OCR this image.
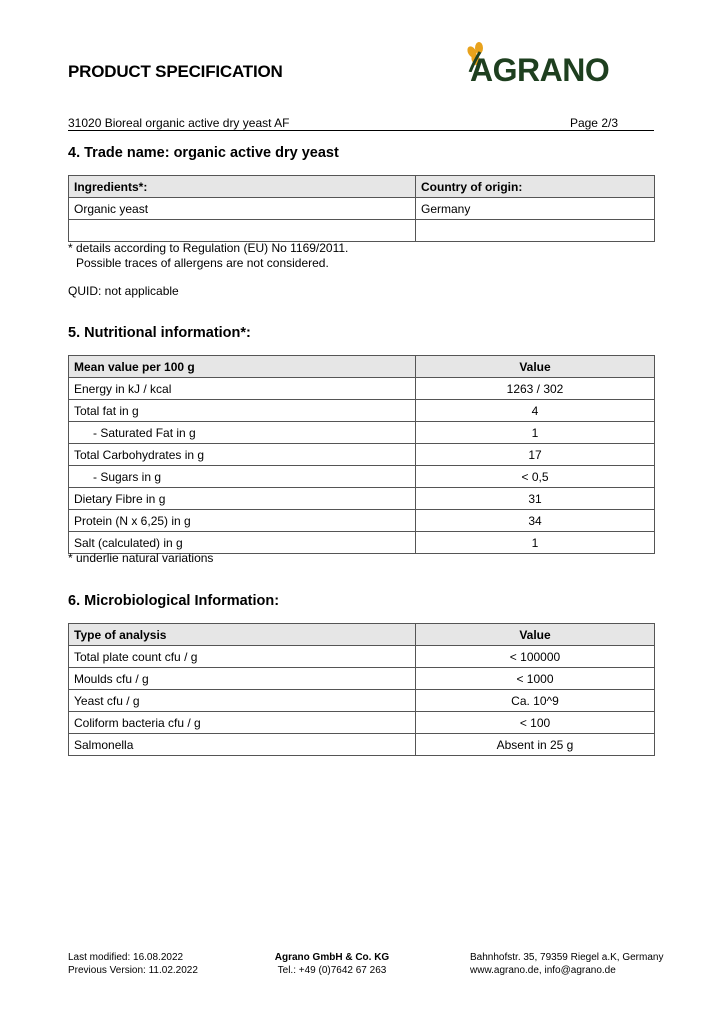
PRODUCT SPECIFICATION	AGRANO
31020 Bioreal organic active dry yeast AF	Page 2/3
4. Trade name: organic active dry yeast
Ingredients*:	Country of origin:
Organic yeast	Germany

* details according to Regulation (EU) No 1169/2011.
Possible traces of allergens are not considered.
QUID: not applicable
5. Nutritional information*:
Mean value per 100 g	Value
Energy in kJ / kcal	1263 / 302
Total fat in g	4
- Saturated Fat in g	1
Total Carbohydrates in g	17
- Sugars in g	< 0,5
Dietary Fibre in g	31
Protein (N x 6,25) in g	34
Salt (calculated) in g	1
* underlie natural variations
6. Microbiological Information:
Type of analysis	Value
Total plate count cfu / g	< 100000
Moulds cfu / g	< 1000
Yeast cfu / g	Ca. 10^9
Coliform bacteria cfu / g	< 100
Salmonella	Absent in 25 g
Last modified: 16.08.2022
Previous Version: 11.02.2022
Agrano GmbH & Co. KG
Tel.: +49 (0)7642 67 263
Bahnhofstr. 35, 79359 Riegel a.K, Germany
www.agrano.de, info@agrano.de
